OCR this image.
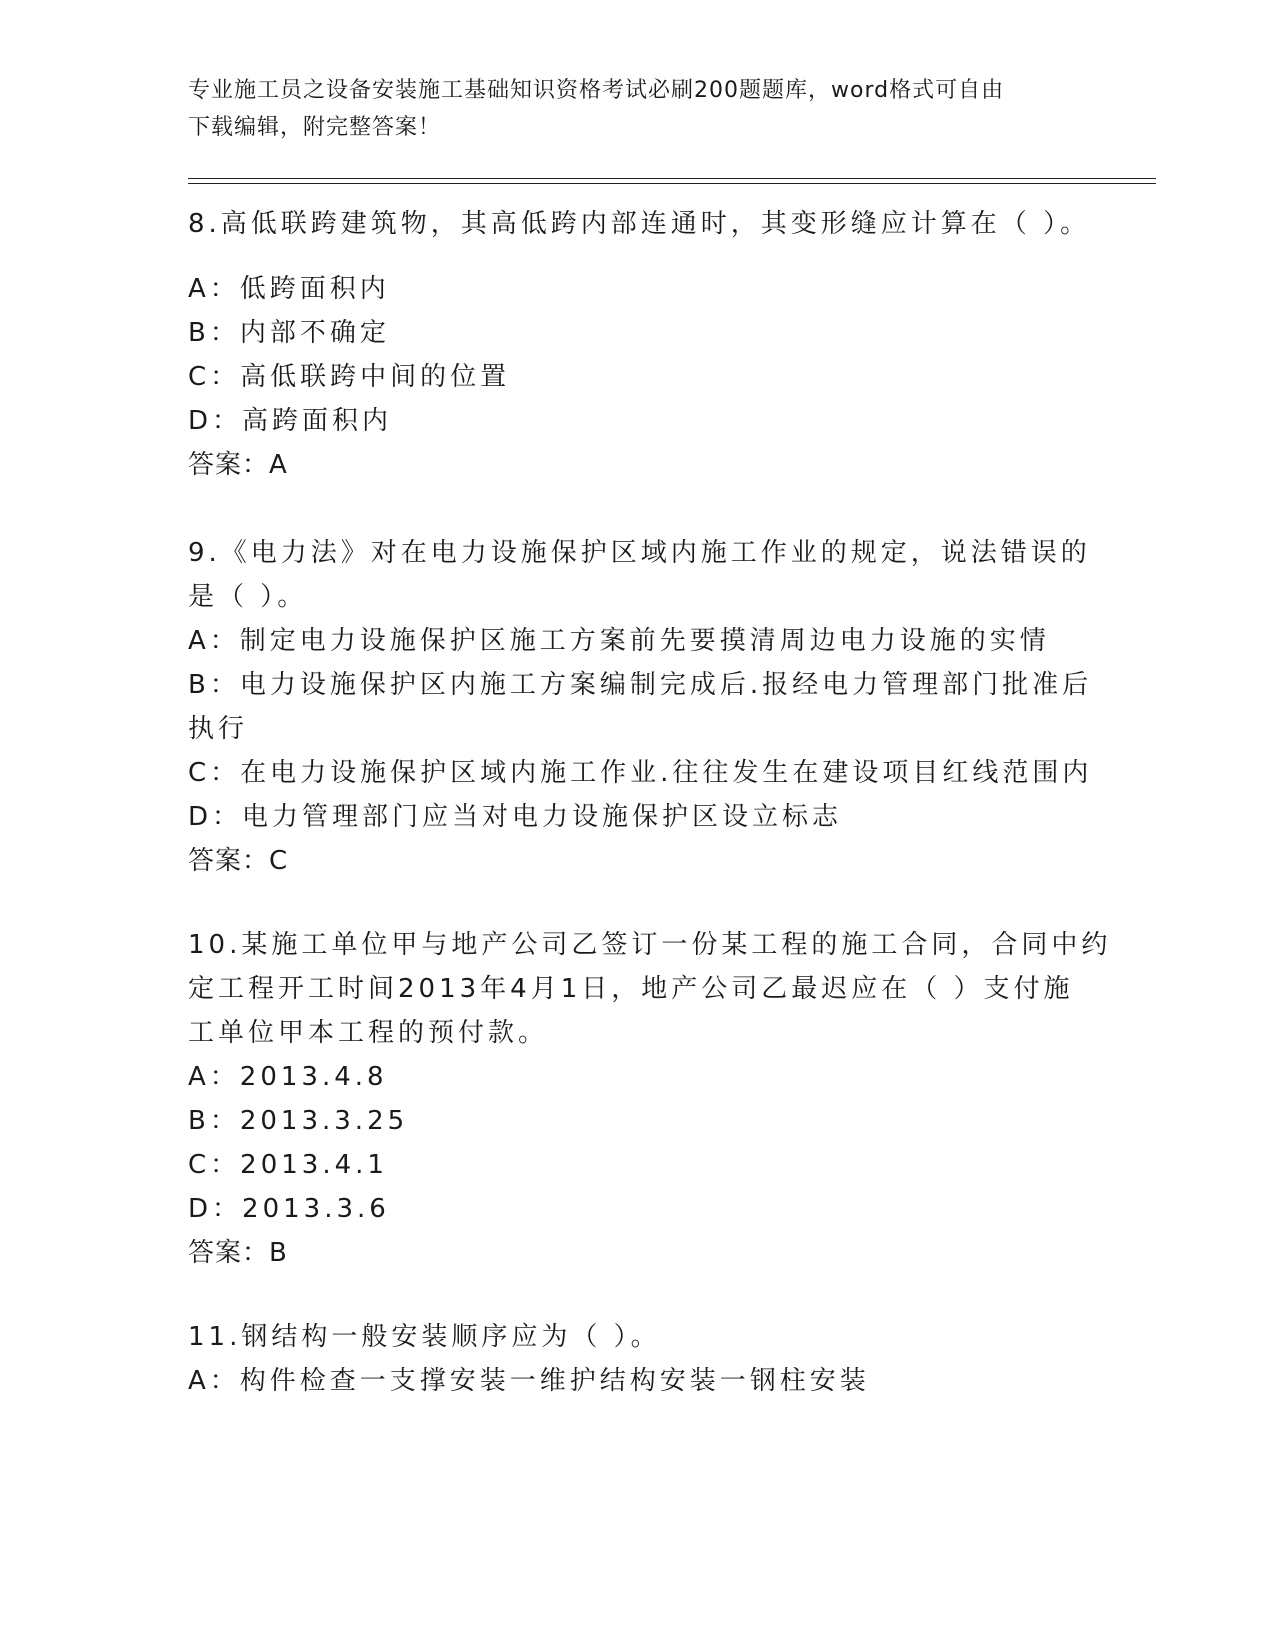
专业施工员之设备安装施工基础知识资格考试必刷200题题库，word格式可自由
下载编辑，附完整答案！
8.高低联跨建筑物，其高低跨内部连通时，其变形缝应计算在（ ）。
A：低跨面积内
B：内部不确定
C：高低联跨中间的位置
D：高跨面积内
答案：A
9.《电力法》对在电力设施保护区域内施工作业的规定，说法错误的
是（ ）。
A：制定电力设施保护区施工方案前先要摸清周边电力设施的实情
B：电力设施保护区内施工方案编制完成后.报经电力管理部门批准后
执行
C：在电力设施保护区域内施工作业.往往发生在建设项目红线范围内
D：电力管理部门应当对电力设施保护区设立标志
答案：C
10.某施工单位甲与地产公司乙签订一份某工程的施工合同，合同中约
定工程开工时间2013年4月1日，地产公司乙最迟应在（ ）支付施
工单位甲本工程的预付款。
A：2013.4.8
B：2013.3.25
C：2013.4.1
D：2013.3.6
答案：B
11.钢结构一般安装顺序应为（ ）。
A：构件检查一支撑安装一维护结构安装一钢柱安装
